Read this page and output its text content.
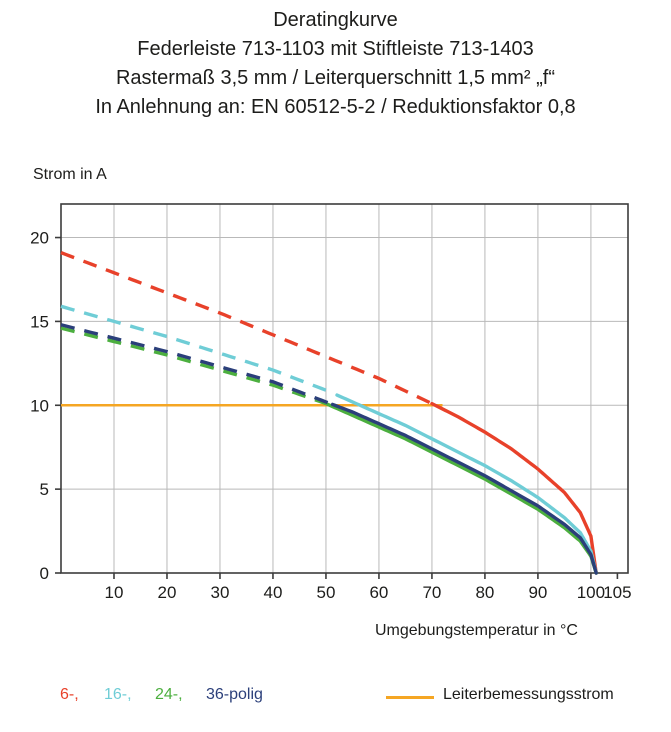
Deratingkurve
Federleiste 713-1103 mit Stiftleiste 713-1403
Rastermaß 3,5 mm / Leiterquerschnitt 1,5 mm² „f“
In Anlehnung an: EN 60512-5-2 / Reduktionsfaktor 0,8
Strom in A
Umgebungstemperatur in °C
10 20 30 40 50 60 70 80 90 100
105
0
5
10
15
20
6-, 16-, 24-, 36-polig	Leiterbemessungsstrom
